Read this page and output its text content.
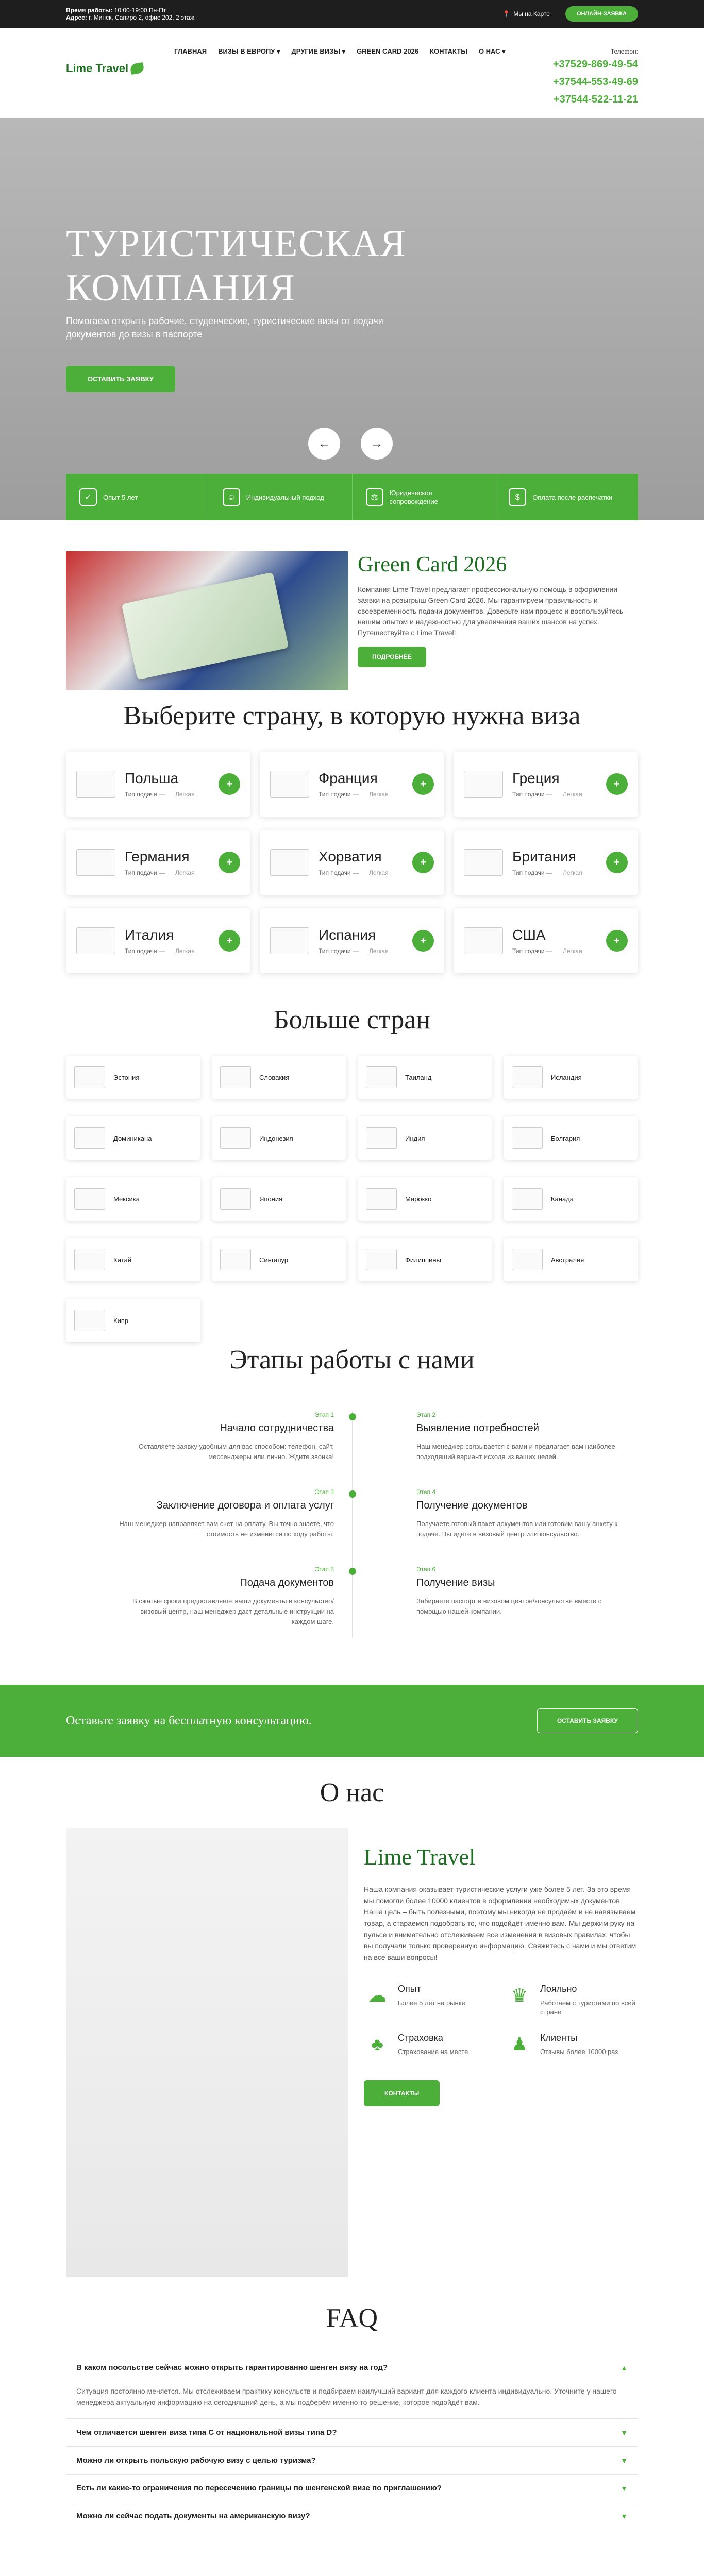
Время работы: 10:00-19:00 Пн-Пт
Адрес: г. Минск, Сапиро 2, офис 202, 2 этаж	📍 Мы на Карте	ОНЛАЙН-ЗАЯВКА
Lime Travel
ГЛАВНАЯ ВИЗЫ В ЕВРОПУ ▾ ДРУГИЕ ВИЗЫ ▾ GREEN CARD 2026 КОНТАКТЫ О НАС ▾	Телефон:
+37529-869-49-54
+37544-553-49-69
+37544-522-11-21
ТУРИСТИЧЕСКАЯ КОМПАНИЯ
Помогаем открыть рабочие, студенческие, туристические визы от подачи документов до визы в паспорте
ОСТАВИТЬ ЗАЯВКУ
←	→
✓	Опыт 5 лет	☺	Индивидуальный подход	⚖	Юридическое сопровождение	$	Оплата после распечатки
Green Card 2026

Компания Lime Travel предлагает профессиональную помощь в оформлении заявки на розыгрыш Green Card 2026. Мы гарантируем правильность и своевременность подачи документов. Доверьте нам процесс и воспользуйтесь нашим опытом и надежностью для увеличения ваших шансов на успех. Путешествуйте с Lime Travel!

ПОДРОБНЕЕ
Выберите страну, в которую нужна виза
Польша
Тип подачи — Легкая
+	Франция
Тип подачи — Легкая
+	Греция
Тип подачи — Легкая
+
Германия
Тип подачи — Легкая
+	Хорватия
Тип подачи — Легкая
+	Британия
Тип подачи — Легкая
+
Италия
Тип подачи — Легкая
+	Испания
Тип подачи — Легкая
+	США
Тип подачи — Легкая
+
Больше стран
Эстония	Словакия	Таиланд	Исландия
Доминикана	Индонезия	Индия	Болгария
Мексика	Япония	Марокко	Канада
Китай	Сингапур	Филиппины	Австралия
Кипр
Этапы работы с нами
Этап 1
Начало сотрудничества
Оставляете заявку удобным для вас способом: телефон, сайт, мессенджеры или лично. Ждите звонка!
Этап 2
Выявление потребностей
Наш менеджер связывается с вами и предлагает вам наиболее подходящий вариант исходя из ваших целей.
Этап 3
Заключение договора и оплата услуг
Наш менеджер направляет вам счет на оплату. Вы точно знаете, что стоимость не изменится по ходу работы.
Этап 4
Получение документов
Получаете готовый пакет документов или готовим вашу анкету к подаче. Вы идете в визовый центр или консульство.
Этап 5
Подача документов
В сжатые сроки предоставляете ваши документы в консульство/визовый центр, наш менеджер даст детальные инструкции на каждом шаге.
Этап 6
Получение визы
Забираете паспорт в визовом центре/консульстве вместе с помощью нашей компании.
Оставьте заявку на бесплатную консультацию.	ОСТАВИТЬ ЗАЯВКУ
О нас
Lime Travel

Наша компания оказывает туристические услуги уже более 5 лет. За это время мы помогли более 10000 клиентов в оформлении необходимых документов. Наша цель – быть полезными, поэтому мы никогда не продаём и не навязываем товар, а стараемся подобрать то, что подойдёт именно вам. Мы держим руку на пульсе и внимательно отслеживаем все изменения в визовых правилах, чтобы вы получали только проверенную информацию. Свяжитесь с нами и мы ответим на все ваши вопросы!

☁	Опыт
Более 5 лет на рынке ♛	Лояльно
Работаем с туристами по всей стране
♣	Страховка
Страхование на месте ♟	Клиенты
Отзывы более 10000 раз
КОНТАКТЫ
FAQ
В каком посольстве сейчас можно открыть гарантированно шенген визу на год?	▲
Ситуация постоянно меняется. Мы отслеживаем практику консульств и подбираем наилучший вариант для каждого клиента индивидуально. Уточните у нашего менеджера актуальную информацию на сегодняшний день, а мы подберём именно то решение, которое подойдёт вам.
Чем отличается шенген виза типа C от национальной визы типа D?	▼
Можно ли открыть польскую рабочую визу с целью туризма?	▼
Есть ли какие-то ограничения по пересечению границы по шенгенской визе по приглашению?	▼
Можно ли сейчас подать документы на американскую визу?	▼
